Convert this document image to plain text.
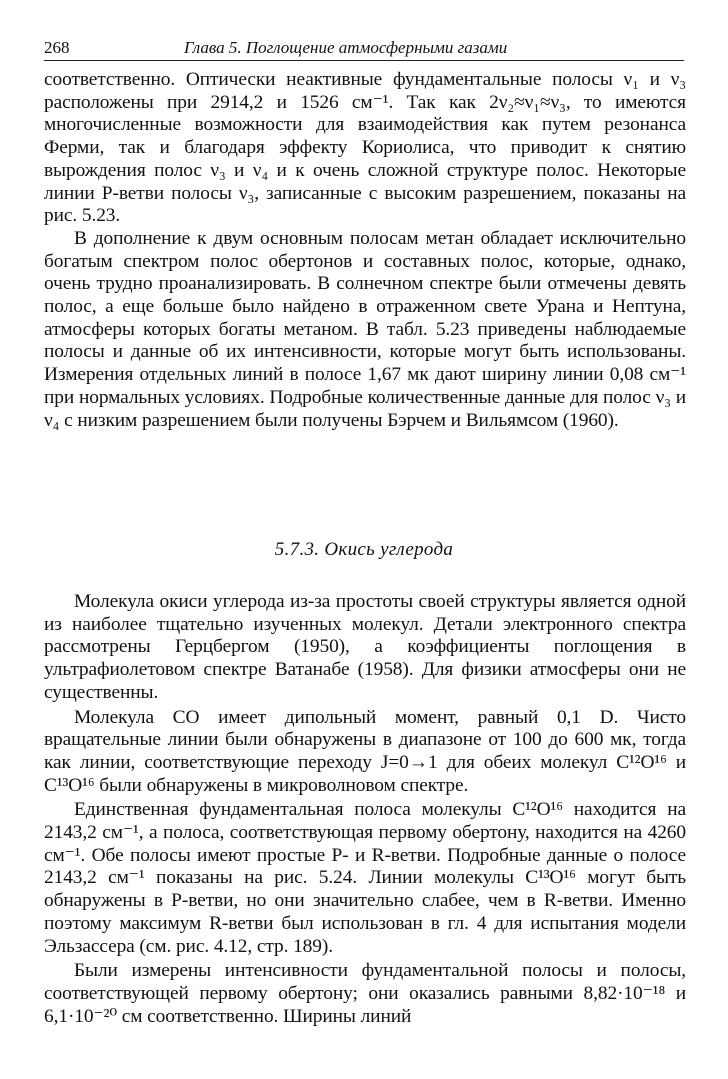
268	Глава 5. Поглощение атмосферными газами

соответственно. Оптически неактивные фундаментальные полосы ν₁ и ν₃ расположены при 2914,2 и 1526 см⁻¹. Так как 2ν₂≈ν₁≈ν₃, то имеются многочисленные возможности для взаимодействия как путем резонанса Ферми, так и благодаря эффекту Кориолиса, что приводит к снятию вырождения полос ν₃ и ν₄ и к очень сложной структуре полос. Некоторые линии P-ветви полосы ν₃, записанные с высоким разрешением, показаны на рис. 5.23.

В дополнение к двум основным полосам метан обладает исключительно богатым спектром полос обертонов и составных полос, которые, однако, очень трудно проанализировать. В солнечном спектре были отмечены девять полос, а еще больше было найдено в отраженном свете Урана и Нептуна, атмосферы которых богаты метаном. В табл. 5.23 приведены наблюдаемые полосы и данные об их интенсивности, которые могут быть использованы. Измерения отдельных линий в полосе 1,67 мк дают ширину линии 0,08 см⁻¹ при нормальных условиях. Подробные количественные данные для полос ν₃ и ν₄ с низким разрешением были получены Бэрчем и Вильямсом (1960).

5.7.3. Окись углерода

Молекула окиси углерода из-за простоты своей структуры является одной из наиболее тщательно изученных молекул. Детали электронного спектра рассмотрены Герцбергом (1950), а коэффициенты поглощения в ультрафиолетовом спектре Ватанабе (1958). Для физики атмосферы они не существенны.

Молекула СО имеет дипольный момент, равный 0,1 D. Чисто вращательные линии были обнаружены в диапазоне от 100 до 600 мк, тогда как линии, соответствующие переходу J=0→1 для обеих молекул C¹²O¹⁶ и C¹³O¹⁶ были обнаружены в микроволновом спектре.

Единственная фундаментальная полоса молекулы C¹²O¹⁶ находится на 2143,2 см⁻¹, а полоса, соответствующая первому обертону, находится на 4260 см⁻¹. Обе полосы имеют простые P- и R-ветви. Подробные данные о полосе 2143,2 см⁻¹ показаны на рис. 5.24. Линии молекулы C¹³O¹⁶ могут быть обнаружены в P-ветви, но они значительно слабее, чем в R-ветви. Именно поэтому максимум R-ветви был использован в гл. 4 для испытания модели Эльзассера (см. рис. 4.12, стр. 189).

Были измерены интенсивности фундаментальной полосы и полосы, соответствующей первому обертону; они оказались равными 8,82·10⁻¹⁸ и 6,1·10⁻²⁰ см соответственно. Ширины линий
